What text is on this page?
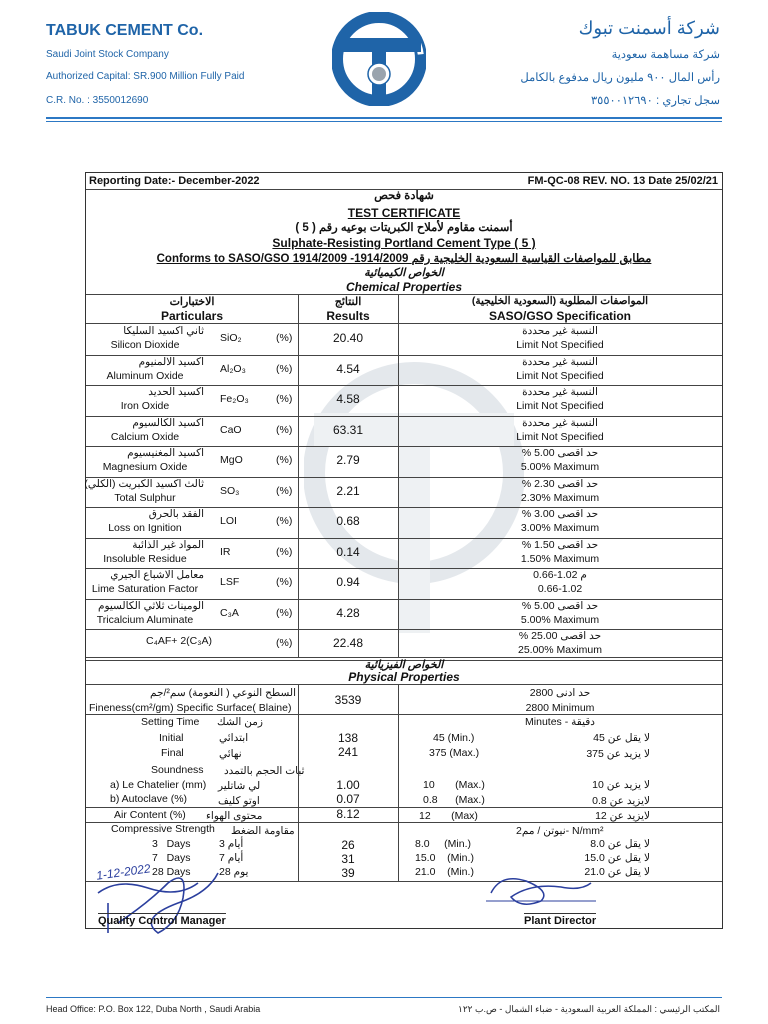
TABUK CEMENT Co.
Saudi Joint Stock Company
Authorized Capital: SR.900 Million Fully Paid
C.R. No. : 3550012690
شركة أسمنت تبوك
شركة مساهمة سعودية
رأس المال ٩٠٠ مليون ريال مدفوع بالكامل
سجل تجاري : ٣٥٥٠٠١٢٦٩٠
Reporting Date:- December-2022	FM-QC-08 REV. NO. 13 Date 25/02/21
شهادة فحص
TEST CERTIFICATE
أسمنت مقاوم لأملاح الكبريتات بوعيه رقم ( 5 )
Sulphate-Resisting Portland Cement Type ( 5 )
Conforms to SASO/GSO 1914/2009 -1914/2009 مطابق للمواصفات القياسية السعودية الخليجية رقم
الخواص الكيميائية
Chemical Properties
الاختبارات
Particulars
النتائج
Results
المواصفات المطلوبة (السعودية الخليجية)
SASO/GSO Specification
ثاني اكسيد السليكا
Silicon Dioxide
SiO₂	(%)	20.40	النسبة غير محددة
Limit Not Specified
اكسيد الالمنيوم
Aluminum Oxide
Al₂O₃	(%)	4.54	النسبة غير محددة
Limit Not Specified
اكسيد الحديد
Iron Oxide
Fe₂O₃	(%)	4.58	النسبة غير محددة
Limit Not Specified
اكسيد الكالسيوم
Calcium Oxide
CaO	(%)	63.31	النسبة غير محددة
Limit Not Specified
اكسيد المغنيسيوم
Magnesium Oxide
MgO	(%)	2.79	حد اقصى 5.00 %
5.00% Maximum
ثالث اكسيد الكبريت (الكلي)
Total Sulphur
SO₃	(%)	2.21	حد اقصى 2.30 %
2.30% Maximum
الفقد بالحرق
Loss on Ignition
LOI	(%)	0.68	حد اقصى 3.00 %
3.00% Maximum
المواد غير الذائبة
Insoluble Residue
IR	(%)	0.14	حد اقصى 1.50 %
1.50% Maximum
معامل الاشباع الجيري
Lime Saturation Factor
LSF	(%)	0.94	م 1.02-0.66
0.66-1.02
الومينات ثلاثي الكالسيوم
Tricalcium Aluminate
C₃A	(%)	4.28	حد اقصى 5.00 %
5.00% Maximum
C₄AF+ 2(C₃A)	(%)	22.48	حد اقصى 25.00 %
25.00% Maximum
الخواص الفيزيائية
Physical Properties
السطح النوعي ( النعومة) سم²/جم
Fineness(cm²/gm) Specific Surface( Blaine)
3539	حد ادنى 2800
2800 Minimum
Setting Time زمن الشك	Minutes - دقيقة
Initial	ابتدائي	138	45 (Min.)	لا يقل عن 45
Final	نهائي	241	375 (Max.)	لا يزيد عن 375
Soundness ثبات الحجم بالتمدد
a) Le Chatelier (mm) لي شاتلير	1.00	10       (Max.)	لا يزيد عن 10
b) Autoclave (%)	اوتو كليف	0.07	0.8      (Max.)	لايزيد عن 0.8
Air Content (%) محتوى الهواء	8.12	12       (Max)	لايزيد عن 12
Compressive Strength مقاومة الضغط	نيوتن / مم2- N/mm²
3   Days	أيام 3	26	8.0     (Min.)	لا يقل عن 8.0
7   Days	أيام 7	31	15.0    (Min.)	لا يقل عن 15.0
28 Days	يوم 28	39	21.0    (Min.)	لا يقل عن 21.0
1-12-2022
Quality Control Manager	Plant Director
Head Office: P.O. Box 122, Duba North , Saudi Arabia	المكتب الرئيسي : المملكة العربية السعودية - ضباء الشمال - ص.ب ١٢٢
